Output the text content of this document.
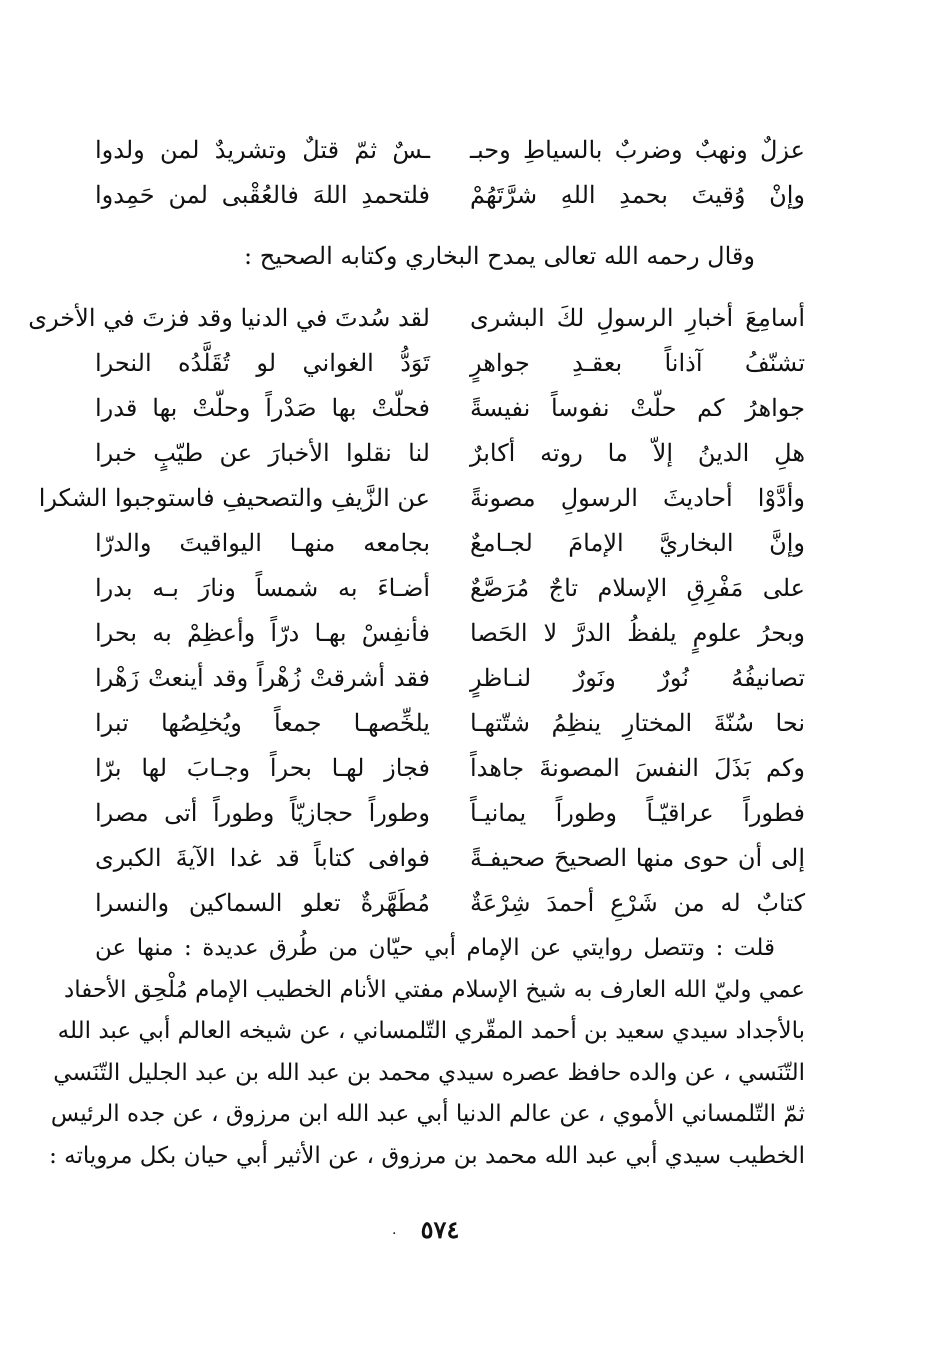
عزلٌ ونهبٌ وضربٌ بالسياطِ وحبـ
ـسٌ ثمّ قتلٌ وتشريدٌ لمن ولدوا
وإنْ وُقيتَ بحمدِ اللهِ شرَّتَهُمْ
فلتحمدِ اللهَ فالعُقْبى لمن حَمِدوا
وقال رحمه الله تعالى يمدح البخاري وكتابه الصحيح :
أسامِعَ أخبارِ الرسولِ لكَ البشرى
لقد سُدتَ في الدنيا وقد فزتَ في الأخرى
تشنّفُ آذاناً بعقـدِ جواهرٍ
تَوَدُّ الغواني لو تُقَلَّدُه النحرا
جواهرُ كم حلّتْ نفوساً نفيسةً
فحلّتْ بها صَدْراً وحلّتْ بها قدرا
هلِ الدينُ إلاّ ما روته أكابرٌ
لنا نقلوا الأخبارَ عن طيّبٍ خبرا
وأدَّوْا أحاديثَ الرسولِ مصونةً
عن الزَّيفِ والتصحيفِ فاستوجبوا الشكرا
وإنَّ البخاريَّ الإمامَ لجـامعٌ
بجامعه منهـا اليواقيتَ والدرّا
على مَفْرِقِ الإسلام تاجٌ مُرَصَّعٌ
أضـاءَ به شمساً ونارَ بـه بدرا
وبحرُ علومٍ يلفظُ الدرَّ لا الحَصا
فأنفِسْ بهـا درّاً وأعظِمْ به بحرا
تصانيفُهُ نُورٌ ونَورٌ لنـاظرٍ
فقد أشرقتْ زُهْراً وقد أينعتْ زَهْرا
نحا سُنّةَ المختارِ ينظِمُ شتّتهـا
يلخِّصهـا جمعاً ويُخلِصُها تبرا
وكم بَذَلَ النفسَ المصونةَ جاهداً
فجاز لهـا بحراً وجـابَ لها برّا
فطوراً عراقيّـاً وطوراً يمانيـاً
وطوراً حجازيّاً وطوراً أتى مصرا
إلى أن حوى منها الصحيحَ صحيفـةً
فوافى كتاباً قد غدا الآيةَ الكبرى
كتابٌ له من شَرْعِ أحمدَ شِرْعَةٌ
مُطَهَّرةٌ تعلو السماكين والنسرا
قلت : وتتصل روايتي عن الإمام أبي حيّان من طُرق عديدة : منها عن
عمي وليّ الله العارف به شيخ الإسلام مفتي الأنام الخطيب الإمام مُلْحِق الأحفاد
بالأجداد سيدي سعيد بن أحمد المقّري التّلمساني ، عن شيخه العالم أبي عبد الله
التّنَسي ، عن والده حافظ عصره سيدي محمد بن عبد الله بن عبد الجليل التّنَسي
ثمّ التّلمساني الأموي ، عن عالم الدنيا أبي عبد الله ابن مرزوق ، عن جده الرئيس
الخطيب سيدي أبي عبد الله محمد بن مرزوق ، عن الأثير أبي حيان بكل مروياته :
·	٥٧٤
